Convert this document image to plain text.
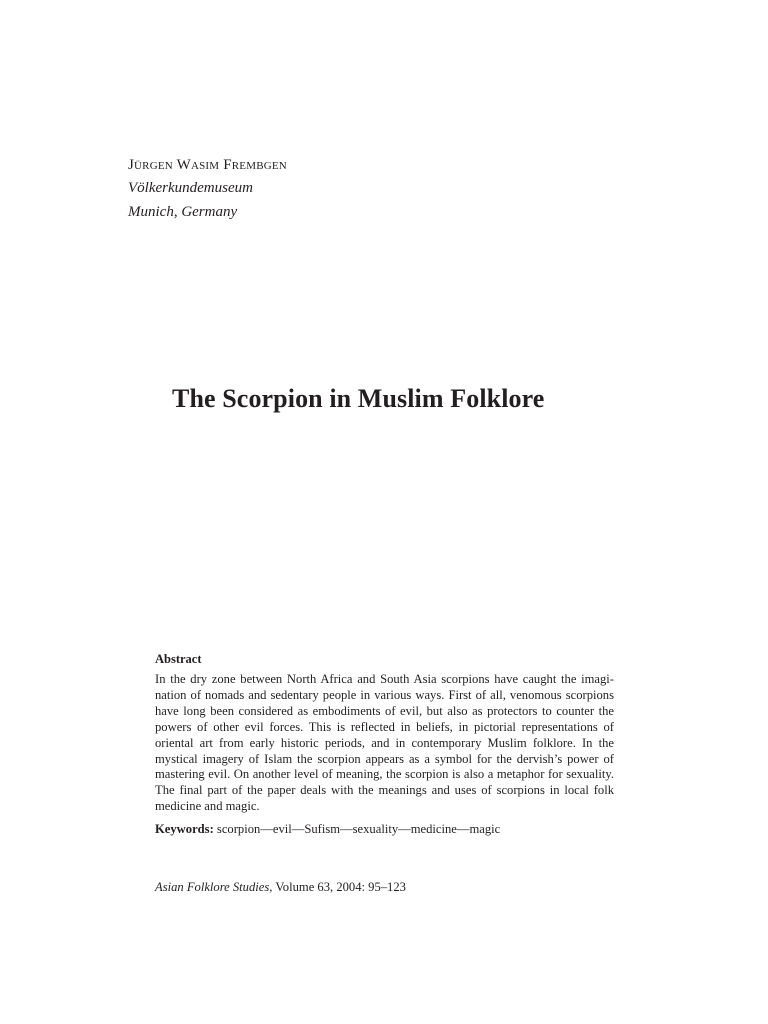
Jürgen Wasim Frembgen

Völkerkundemuseum

Munich, Germany

The Scorpion in Muslim Folklore

Abstract

In the dry zone between North Africa and South Asia scorpions have caught the imagination of nomads and sedentary people in various ways. First of all, venomous scorpions have long been considered as embodiments of evil, but also as protectors to counter the powers of other evil forces. This is reflected in beliefs, in pictorial representations of oriental art from early historic periods, and in contemporary Muslim folklore. In the mystical imagery of Islam the scorpion appears as a symbol for the dervish’s power of mastering evil. On another level of meaning, the scorpion is also a metaphor for sexuality. The final part of the paper deals with the meanings and uses of scorpions in local folk medicine and magic.

Keywords: scorpion—evil—Sufism—sexuality—medicine—magic

Asian Folklore Studies, Volume 63, 2004: 95–123
